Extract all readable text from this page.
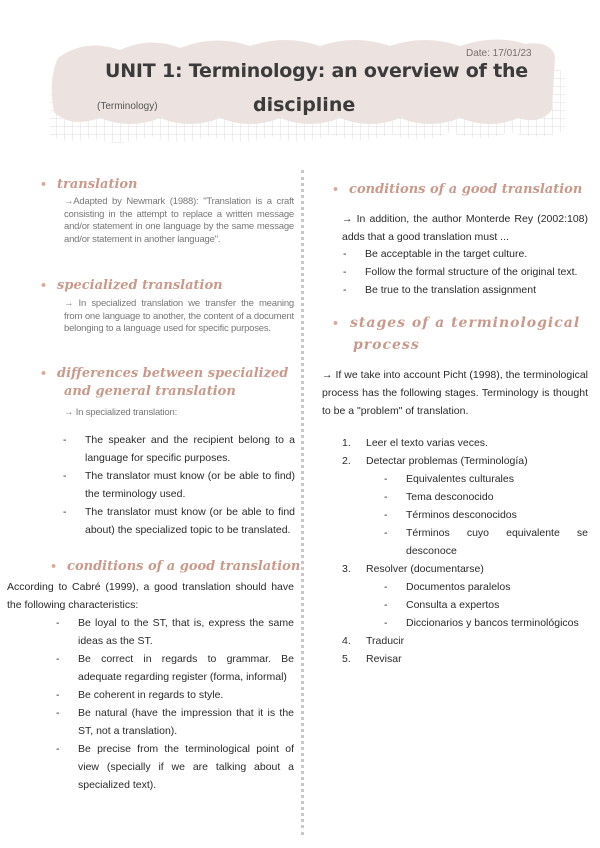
Date: 17/01/23
UNIT 1: Terminology: an overview of the
(Terminology)	discipline
• translation
→Adapted by Newmark (1988): "Translation is a craft consisting in the attempt to replace a written message and/or statement in one language by the same message and/or statement in another language".
• specialized translation
→ In specialized translation we transfer the meaning from one language to another, the content of a document belonging to a language used for specific purposes.
• differences between specialized
and general translation
→ In specialized translation:
- The speaker and the recipient belong to a language for specific purposes.
- The translator must know (or be able to find) the terminology used.
- The translator must know (or be able to find about) the specialized topic to be translated.
• conditions of a good translation
According to Cabré (1999), a good translation should have the following characteristics:
- Be loyal to the ST, that is, express the same ideas as the ST.
- Be correct in regards to grammar. Be adequate regarding register (forma, informal)
- Be coherent in regards to style.
- Be natural (have the impression that it is the ST, not a translation).
- Be precise from the terminological point of view (specially if we are talking about a specialized text).
• conditions of a good translation
→ In addition, the author Monterde Rey (2002:108) adds that a good translation must ...
- Be acceptable in the target culture.
- Follow the formal structure of the original text.
- Be true to the translation assignment
• stages of a terminological
process
→ If we take into account Picht (1998), the terminological process has the following stages. Terminology is thought to be a "problem" of translation.
1. Leer el texto varias veces.
2. Detectar problemas (Terminología)
- Equivalentes culturales
- Tema desconocido
- Términos desconocidos
- Términos cuyo equivalente se desconoce
3. Resolver (documentarse)
- Documentos paralelos
- Consulta a expertos
- Diccionarios y bancos terminológicos
4. Traducir
5. Revisar
